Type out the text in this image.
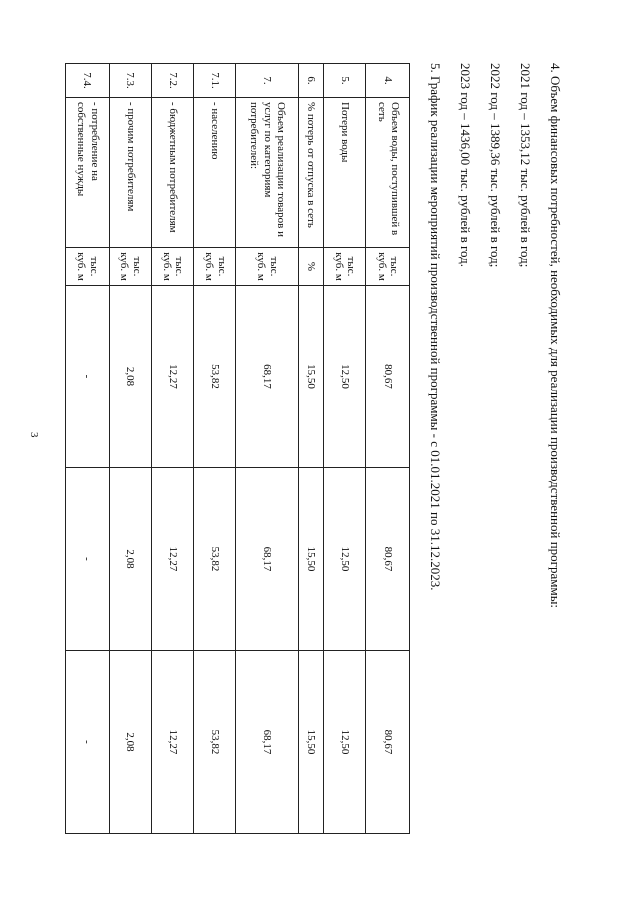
3
4.	Объем воды, поступившей в сеть	тыс. куб. м	80,67	80,67	80,67
5.	Потери воды	тыс. куб. м	12,50	12,50	12,50
6.	% потерь от отпуска в сеть	%	15,50	15,50	15,50
7.	Объем реализации товаров и услуг по категориям потребителей:	тыс. куб. м	68,17	68,17	68,17
7.1.	- населению	тыс. куб. м	53,82	53,82	53,82
7.2.	- бюджетным потребителям	тыс. куб. м	12,27	12,27	12,27
7.3.	- прочим потребителям	тыс. куб. м	2,08	2,08	2,08
7.4.	- потребление на собственные нужды	тыс. куб. м	-	-	-
4. Объем финансовых потребностей, необходимых для реализации производственной программы:
2021 год – 1353,12 тыс. рублей в год;
2022 год – 1389,36 тыс. рублей в год;
2023 год – 1436,00 тыс. рублей в год.
5. График реализации мероприятий производственной программы - с 01.01.2021 по 31.12.2023.
